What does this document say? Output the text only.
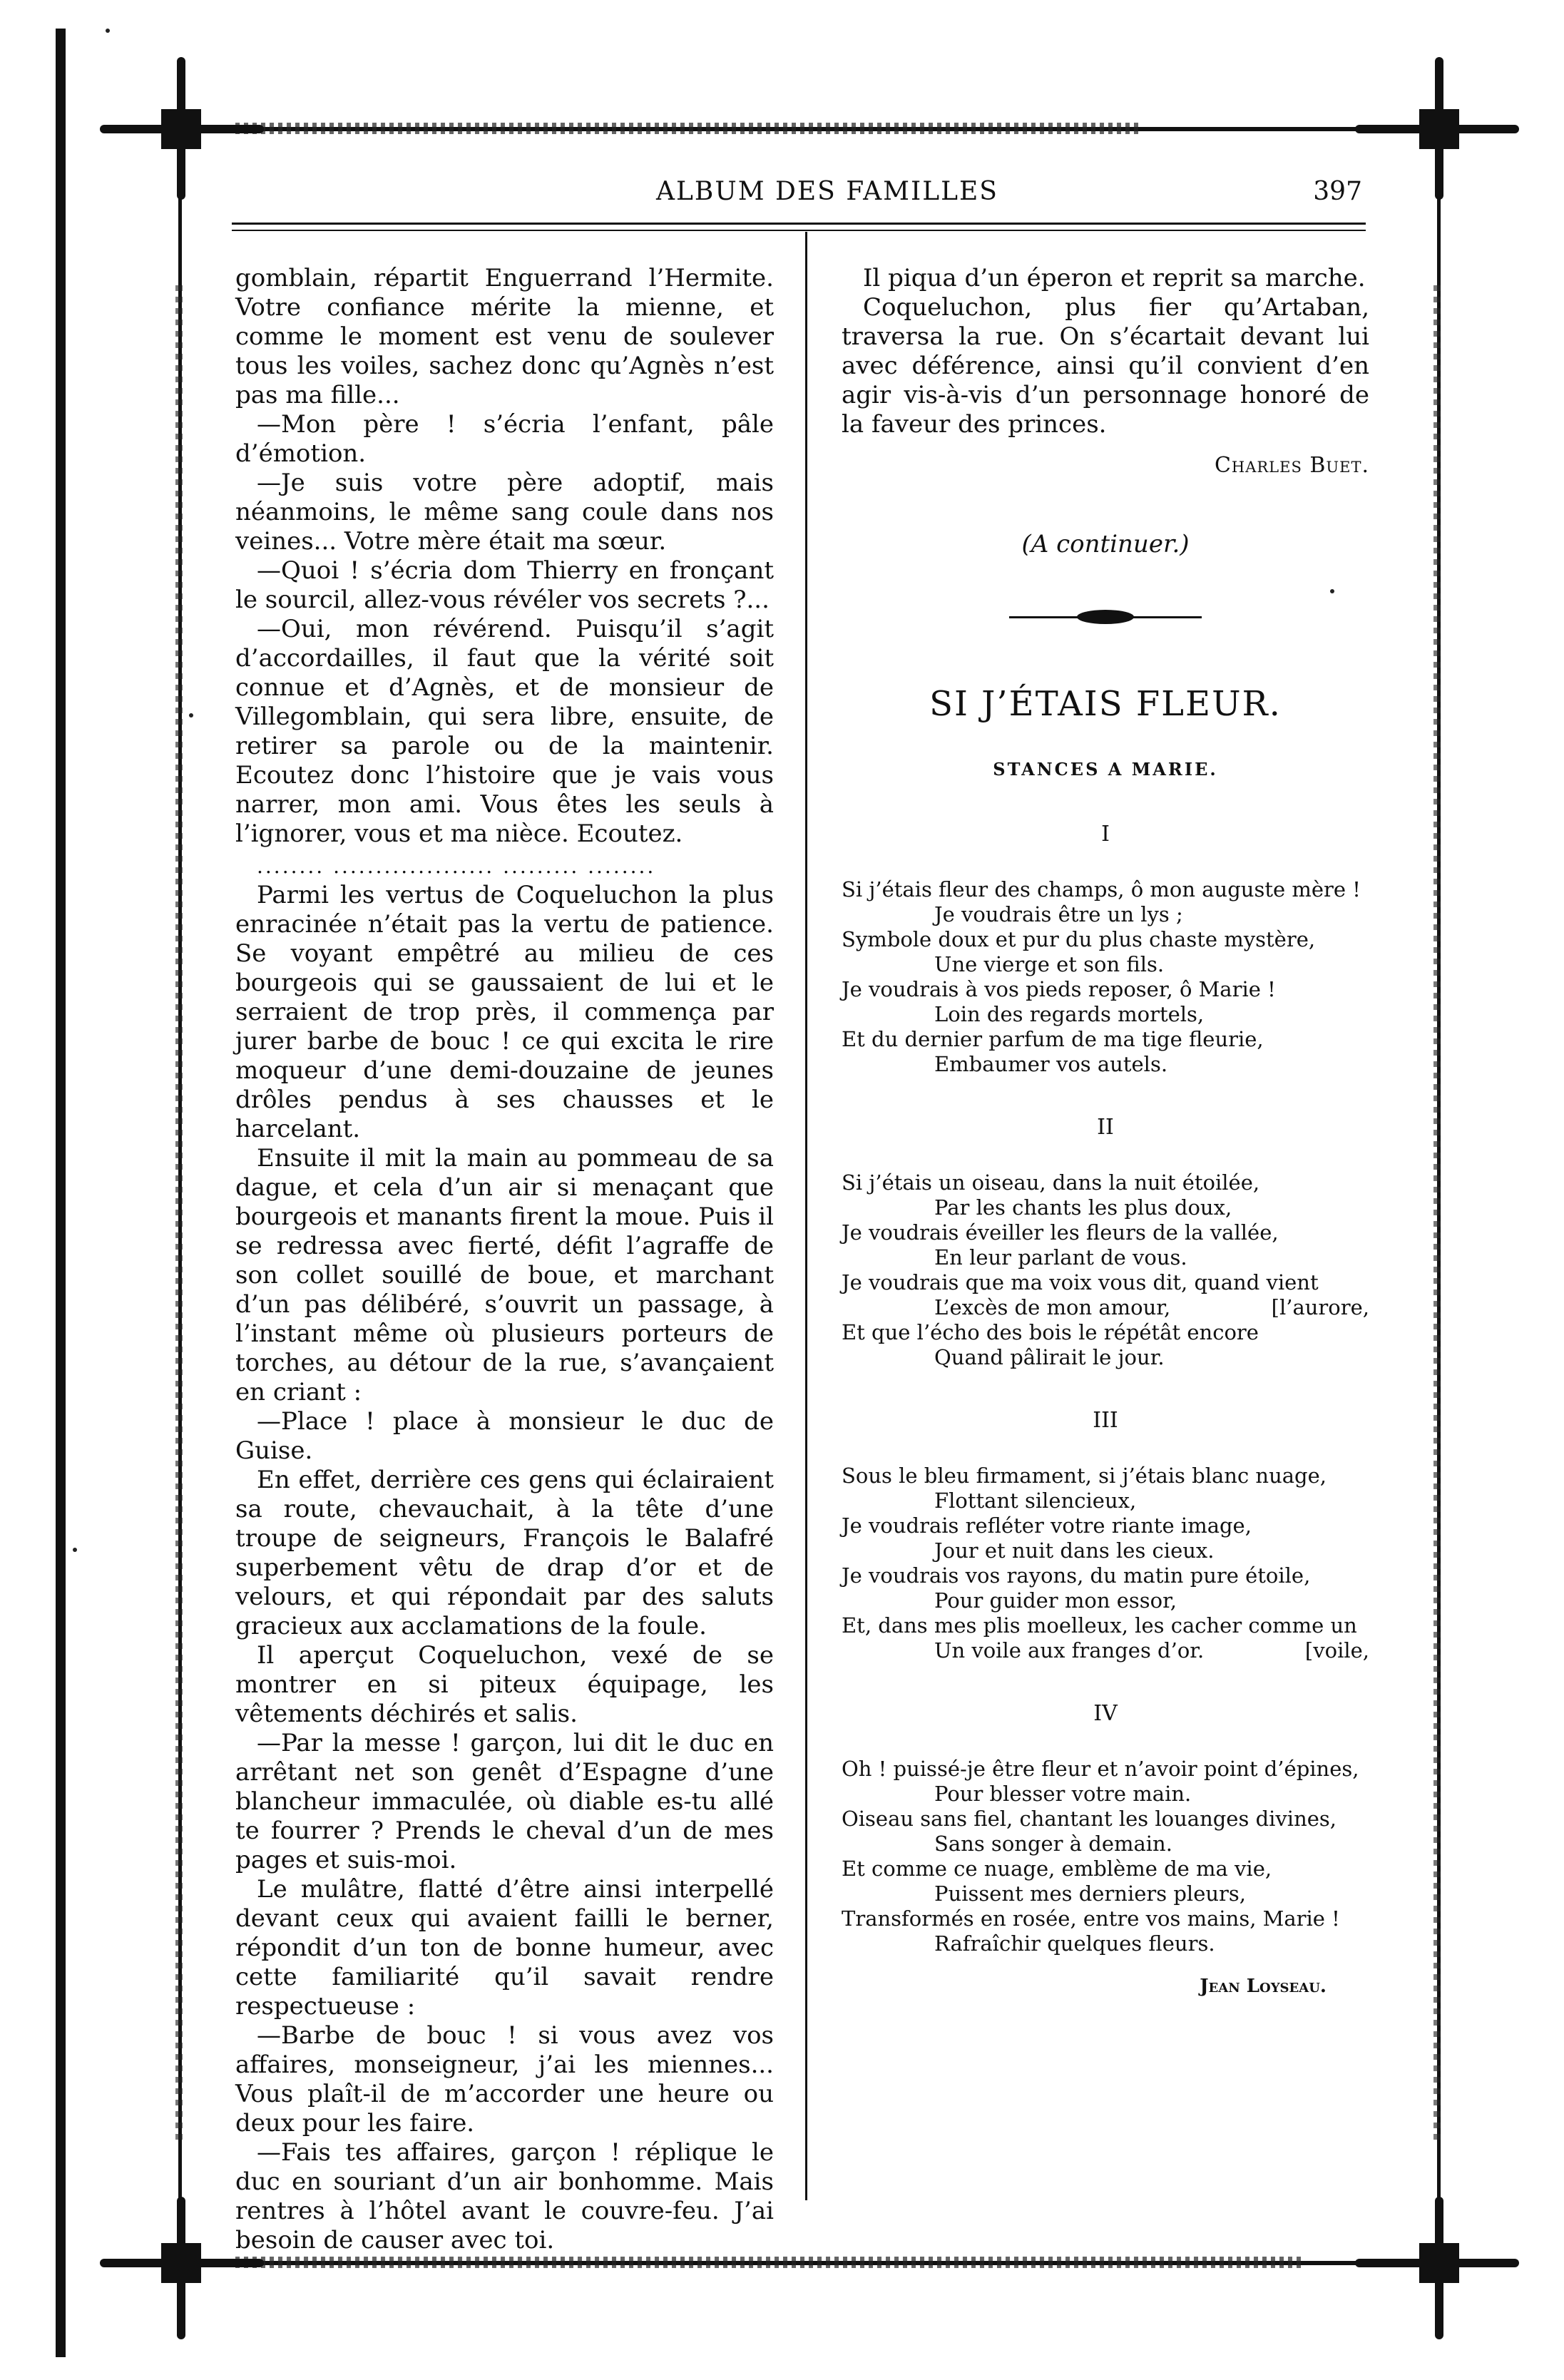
ALBUM DES FAMILLES	397

gomblain, répartit Enguerrand l’Hermite. Votre confiance mérite la mienne, et comme le moment est venu de soulever tous les voiles, sachez donc qu’Agnès n’est pas ma fille...

—Mon père ! s’écria l’enfant, pâle d’émotion.

—Je suis votre père adoptif, mais néanmoins, le même sang coule dans nos veines... Votre mère était ma sœur.

—Quoi ! s’écria dom Thierry en fronçant le sourcil, allez-vous révéler vos secrets ?...

—Oui, mon révérend. Puisqu’il s’agit d’accordailles, il faut que la vérité soit connue et d’Agnès, et de monsieur de Villegomblain, qui sera libre, ensuite, de retirer sa parole ou de la maintenir. Ecoutez donc l’histoire que je vais vous narrer, mon ami. Vous êtes les seuls à l’ignorer, vous et ma nièce. Ecoutez.

........ ................... ......... ........

Parmi les vertus de Coqueluchon la plus enracinée n’était pas la vertu de patience. Se voyant empêtré au milieu de ces bourgeois qui se gaussaient de lui et le serraient de trop près, il commença par jurer barbe de bouc ! ce qui excita le rire moqueur d’une demi-douzaine de jeunes drôles pendus à ses chausses et le harcelant.

Ensuite il mit la main au pommeau de sa dague, et cela d’un air si menaçant que bourgeois et manants firent la moue. Puis il se redressa avec fierté, défit l’agraffe de son collet souillé de boue, et marchant d’un pas délibéré, s’ouvrit un passage, à l’instant même où plusieurs porteurs de torches, au détour de la rue, s’avançaient en criant :

—Place ! place à monsieur le duc de Guise.

En effet, derrière ces gens qui éclairaient sa route, chevauchait, à la tête d’une troupe de seigneurs, François le Balafré superbement vêtu de drap d’or et de velours, et qui répondait par des saluts gracieux aux acclamations de la foule.

Il aperçut Coqueluchon, vexé de se montrer en si piteux équipage, les vêtements déchirés et salis.

—Par la messe ! garçon, lui dit le duc en arrêtant net son genêt d’Espagne d’une blancheur immaculée, où diable es-tu allé te fourrer ? Prends le cheval d’un de mes pages et suis-moi.

Le mulâtre, flatté d’être ainsi interpellé devant ceux qui avaient failli le berner, répondit d’un ton de bonne humeur, avec cette familiarité qu’il savait rendre respectueuse :

—Barbe de bouc ! si vous avez vos affaires, monseigneur, j’ai les miennes... Vous plaît-il de m’accorder une heure ou deux pour les faire.

—Fais tes affaires, garçon ! réplique le duc en souriant d’un air bonhomme. Mais rentres à l’hôtel avant le couvre-feu. J’ai besoin de causer avec toi.

Il piqua d’un éperon et reprit sa marche.

Coqueluchon, plus fier qu’Artaban, traversa la rue. On s’écartait devant lui avec déférence, ainsi qu’il convient d’en agir vis-à-vis d’un personnage honoré de la faveur des princes.

Charles Buet.

(A continuer.)

SI J’ÉTAIS FLEUR.
STANCES A MARIE.
I
Si j’étais fleur des champs, ô mon auguste mère !
Je voudrais être un lys ;
Symbole doux et pur du plus chaste mystère,
Une vierge et son fils.
Je voudrais à vos pieds reposer, ô Marie !
Loin des regards mortels,
Et du dernier parfum de ma tige fleurie,
Embaumer vos autels.
II
Si j’étais un oiseau, dans la nuit étoilée,
Par les chants les plus doux,
Je voudrais éveiller les fleurs de la vallée,
En leur parlant de vous.
Je voudrais que ma voix vous dit, quand vient
L’excès de mon amour,	[l’aurore,
Et que l’écho des bois le répétât encore
Quand pâlirait le jour.
III
Sous le bleu firmament, si j’étais blanc nuage,
Flottant silencieux,
Je voudrais refléter votre riante image,
Jour et nuit dans les cieux.
Je voudrais vos rayons, du matin pure étoile,
Pour guider mon essor,
Et, dans mes plis moelleux, les cacher comme un
Un voile aux franges d’or.	[voile,
IV
Oh ! puissé-je être fleur et n’avoir point d’épines,
Pour blesser votre main.
Oiseau sans fiel, chantant les louanges divines,
Sans songer à demain.
Et comme ce nuage, emblème de ma vie,
Puissent mes derniers pleurs,
Transformés en rosée, entre vos mains, Marie !
Rafraîchir quelques fleurs.
Jean Loyseau.
